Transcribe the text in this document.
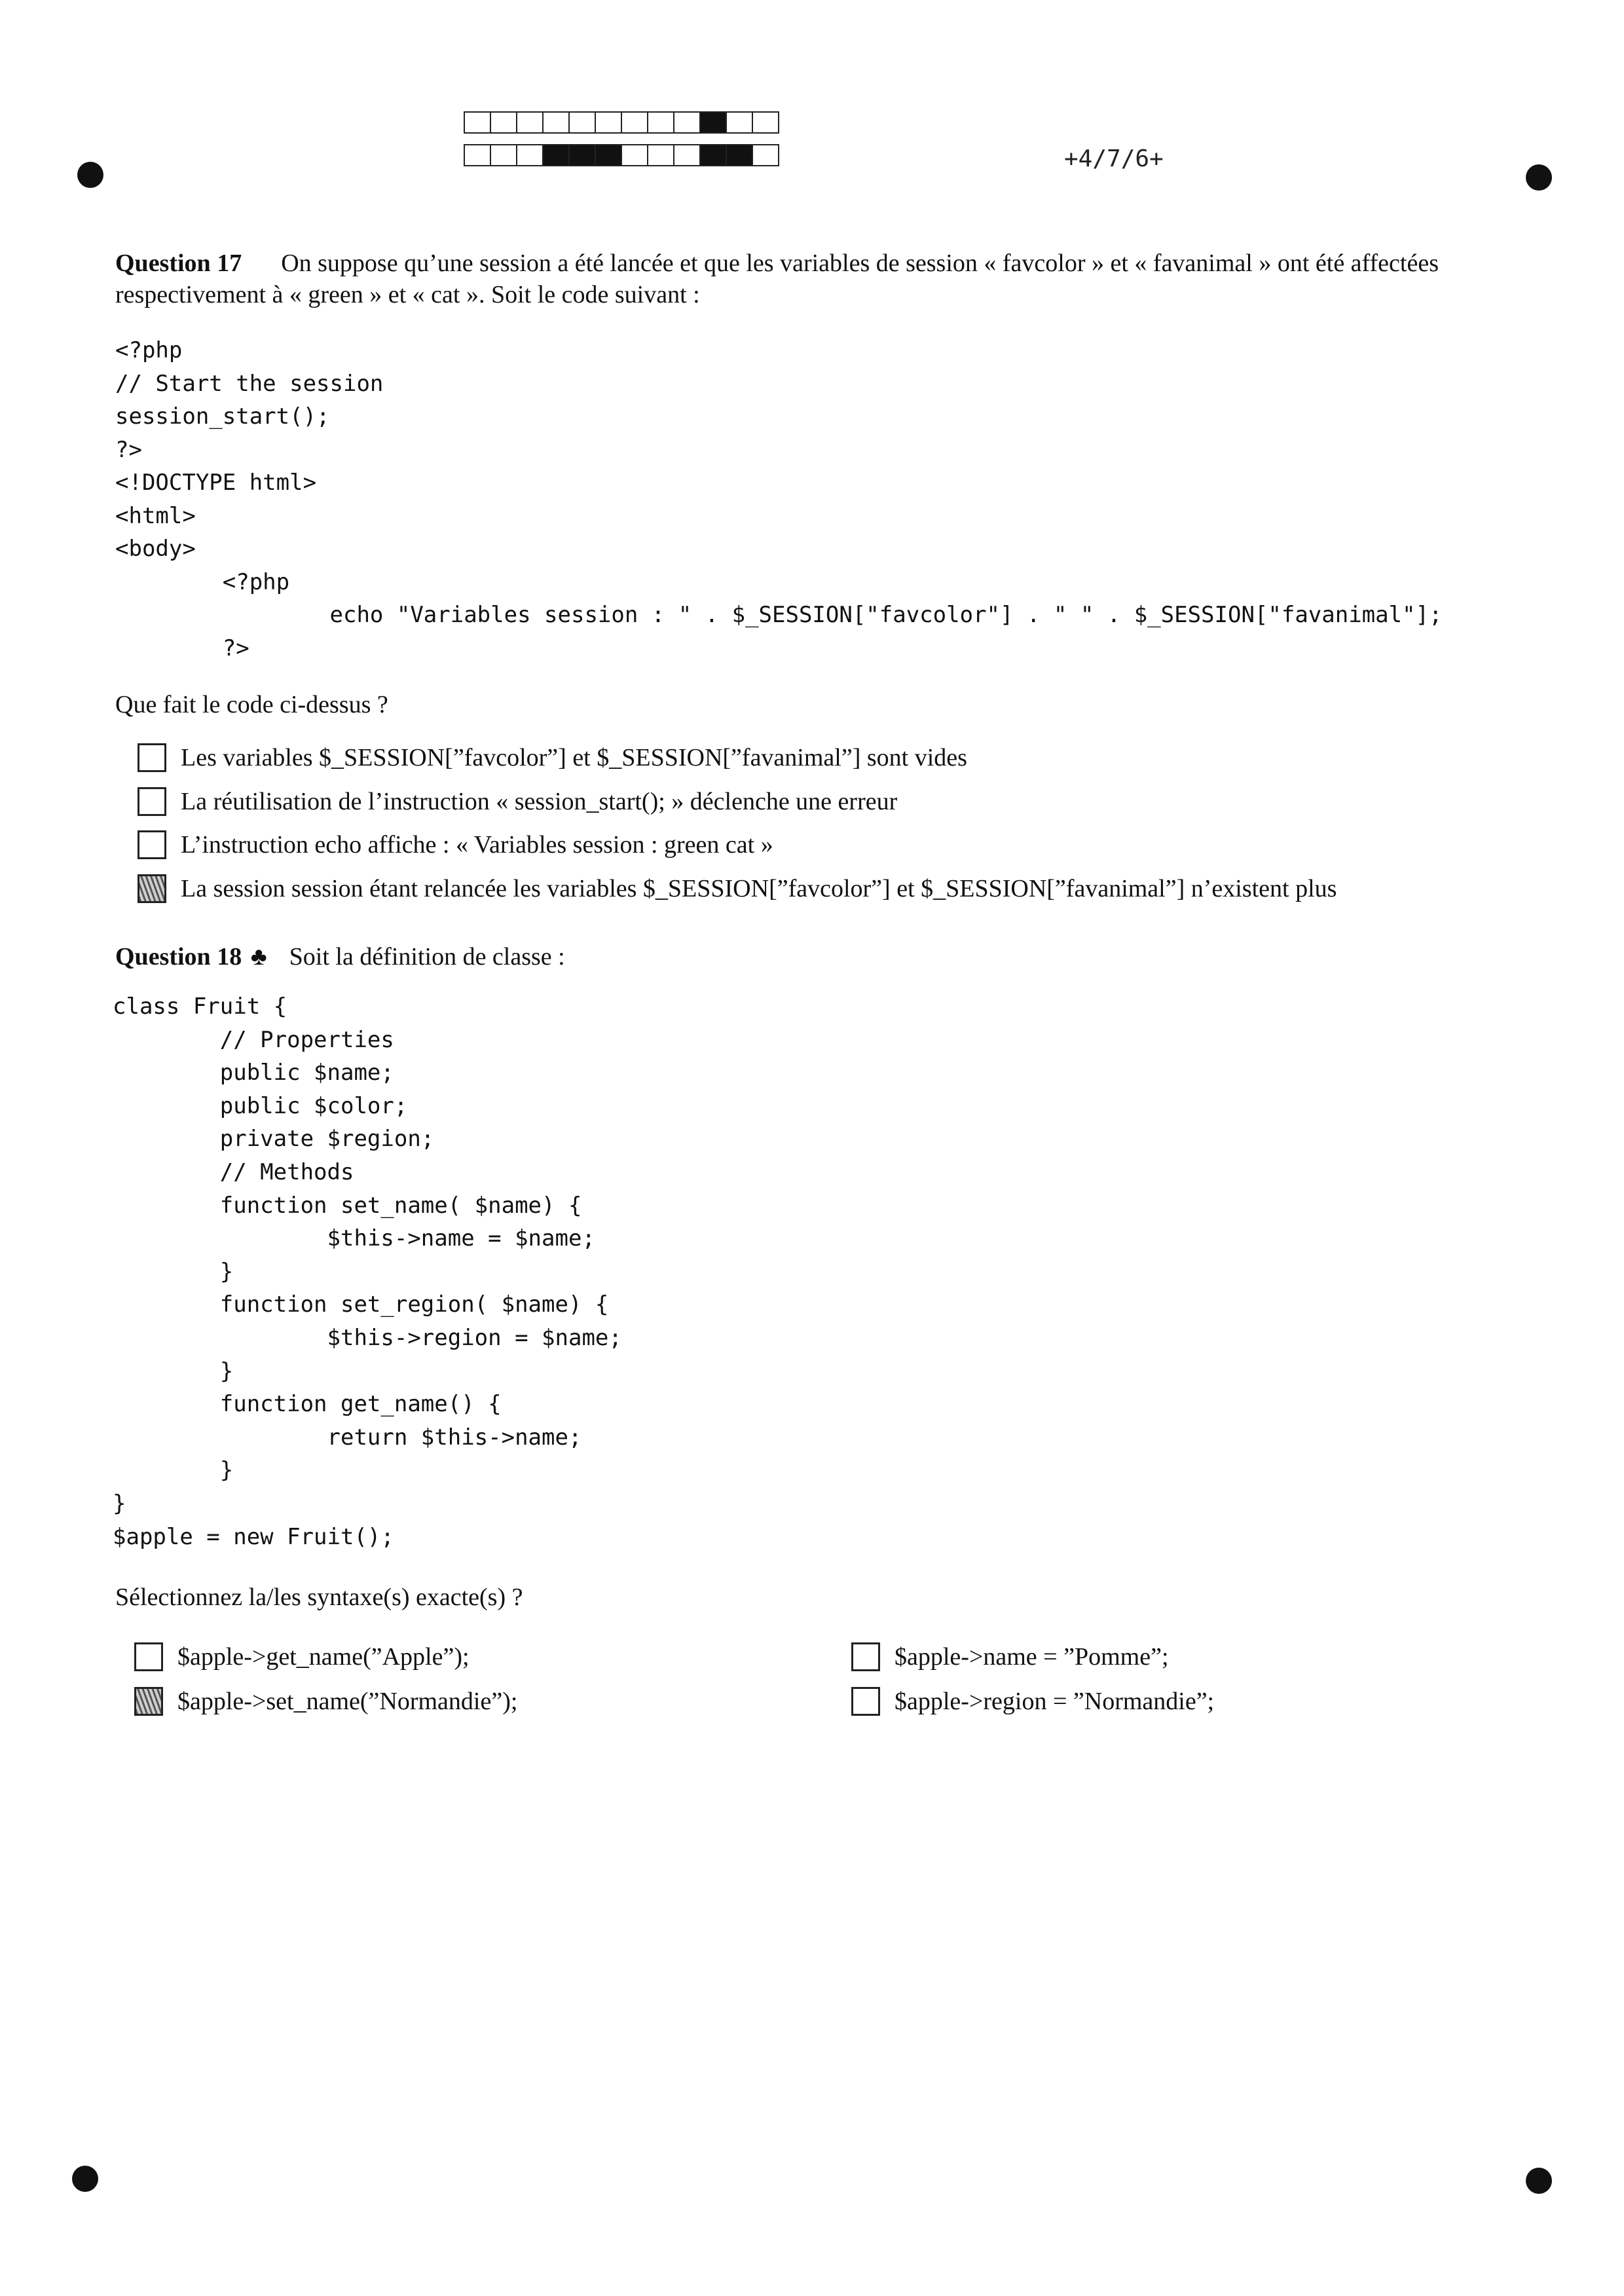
+4/7/6+
Question 17 On suppose qu’une session a été lancée et que les variables de session « favcolor » et « favanimal » ont été affectées respectivement à « green » et « cat ». Soit le code suivant :
<?php
// Start the session
session_start();
?>
<!DOCTYPE html>
<html>
<body>
<?php
echo "Variables session : " . $_SESSION["favcolor"] . " " . $_SESSION["favanimal"];
?>
Que fait le code ci-dessus ?
Les variables $_SESSION[”favcolor”] et $_SESSION[”favanimal”] sont vides
La réutilisation de l’instruction « session_start(); » déclenche une erreur
L’instruction echo affiche : « Variables session : green cat »
La session session étant relancée les variables $_SESSION[”favcolor”] et $_SESSION[”favanimal”] n’existent plus
Question 18 ♣ Soit la définition de classe :
class Fruit {
// Properties
public $name;
public $color;
private $region;
// Methods
function set_name( $name) {
$this->name = $name;
}
function set_region( $name) {
$this->region = $name;
}
function get_name() {
return $this->name;
}
}
$apple = new Fruit();
Sélectionnez la/les syntaxe(s) exacte(s) ?
$apple->get_name(”Apple”);
$apple->set_name(”Normandie”);
$apple->name = ”Pomme”;
$apple->region = ”Normandie”;
